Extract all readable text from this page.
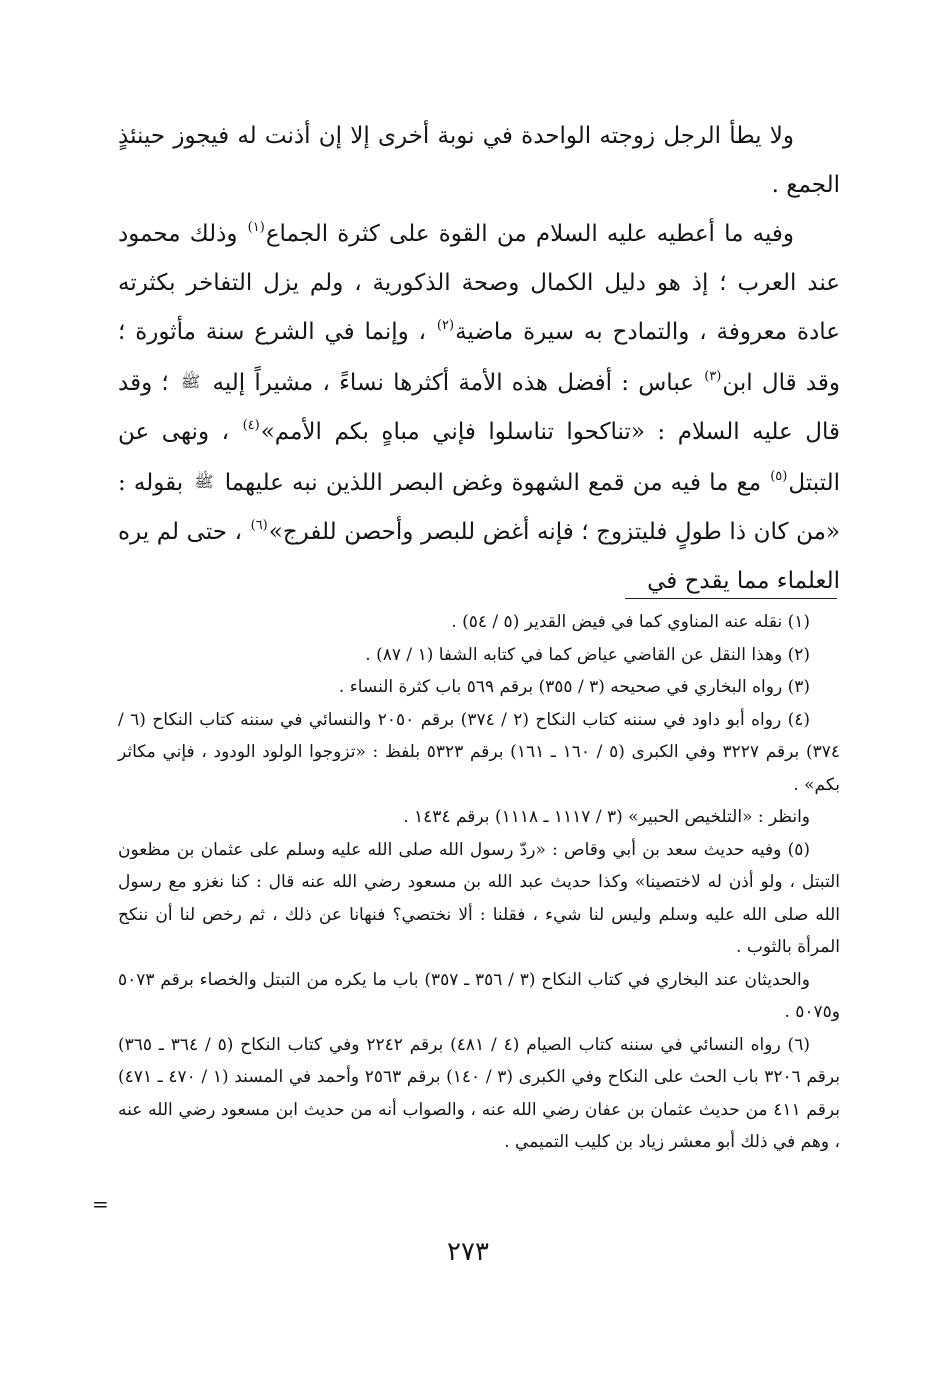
ولا يطأ الرجل زوجته الواحدة في نوبة أخرى إلا إن أذنت له فيجوز حينئذٍ الجمع .

وفيه ما أعطيه عليه السلام من القوة على كثرة الجماع$^{(١)}$ وذلك محمود عند العرب ؛ إذ هو دليل الكمال وصحة الذكورية ، ولم يزل التفاخر بكثرته عادة معروفة ، والتمادح به سيرة ماضية$^{(٢)}$ ، وإنما في الشرع سنة مأثورة ؛ وقد قال ابن$^{(٣)}$ عباس : أفضل هذه الأمة أكثرها نساءً ، مشيراً إليه ﷺ ؛ وقد قال عليه السلام : «تناكحوا تناسلوا فإني مباهٍ بكم الأمم»$^{(٤)}$ ، ونهى عن التبتل$^{(٥)}$ مع ما فيه من قمع الشهوة وغض البصر اللذين نبه عليهما ﷺ بقوله : «من كان ذا طولٍ فليتزوج ؛ فإنه أغض للبصر وأحصن للفرج»$^{(٦)}$ ، حتى لم يره العلماء مما يقدح في

(١) نقله عنه المناوي كما في فيض القدير (٥ / ٥٤) .

(٢) وهذا النقل عن القاضي عياض كما في كتابه الشفا (١ / ٨٧) .

(٣) رواه البخاري في صحيحه (٣ / ٣٥٥) برقم ٥٦٩ باب كثرة النساء .

(٤) رواه أبو داود في سننه كتاب النكاح (٢ / ٣٧٤) برقم ٢٠٥٠ والنسائي في سننه كتاب النكاح (٦ / ٣٧٤) برقم ٣٢٢٧ وفي الكبرى (٥ / ١٦٠ ـ ١٦١) برقم ٥٣٢٣ بلفظ : «تزوجوا الولود الودود ، فإني مكاثر بكم» .

وانظر : «التلخيص الحبير» (٣ / ١١١٧ ـ ١١١٨) برقم ١٤٣٤ .

(٥) وفيه حديث سعد بن أبي وقاص : «ردّ رسول الله صلى الله عليه وسلم على عثمان بن مظعون التبتل ، ولو أذن له لاختصينا» وكذا حديث عبد الله بن مسعود رضي الله عنه قال : كنا نغزو مع رسول الله صلى الله عليه وسلم وليس لنا شيء ، فقلنا : ألا نختصي؟ فنهانا عن ذلك ، ثم رخص لنا أن ننكح المرأة بالثوب .

والحديثان عند البخاري في كتاب النكاح (٣ / ٣٥٦ ـ ٣٥٧) باب ما يكره من التبتل والخصاء برقم ٥٠٧٣ و٥٠٧٥ .

(٦) رواه النسائي في سننه كتاب الصيام (٤ / ٤٨١) برقم ٢٢٤٢ وفي كتاب النكاح (٥ / ٣٦٤ ـ ٣٦٥) برقم ٣٢٠٦ باب الحث على النكاح وفي الكبرى (٣ / ١٤٠) برقم ٢٥٦٣ وأحمد في المسند (١ / ٤٧٠ ـ ٤٧١) برقم ٤١١ من حديث عثمان بن عفان رضي الله عنه ، والصواب أنه من حديث ابن مسعود رضي الله عنه ، وهم في ذلك أبو معشر زياد بن كليب التميمي .

=
٢٧٣
